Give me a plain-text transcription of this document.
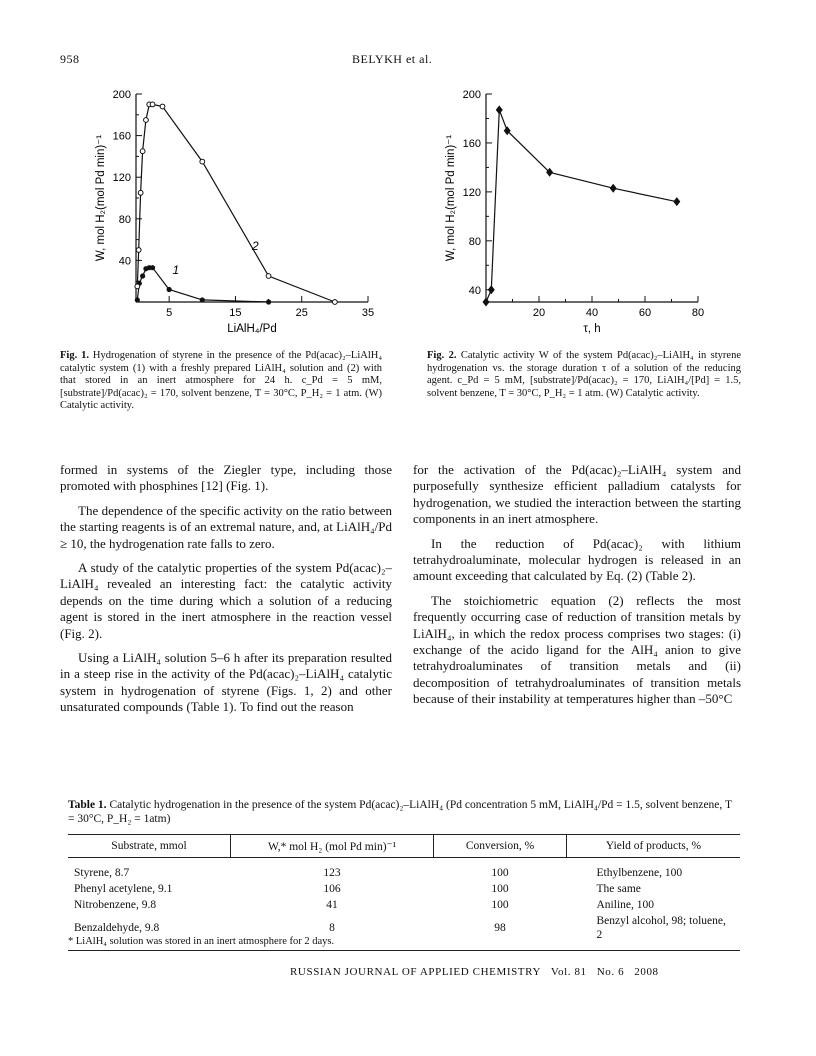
958	BELYKH et al.
40
80
120
160
200
5	15	25	35
LiAlH₄/Pd
W, mol H₂(mol Pd min)⁻¹
1
2
Fig. 1. Hydrogenation of styrene in the presence of the Pd(acac)₂–LiAlH₄ catalytic system (1) with a freshly prepared LiAlH₄ solution and (2) with that stored in an inert atmosphere for 24 h. c_Pd = 5 mM, [substrate]/Pd(acac)₂ = 170, solvent benzene, T = 30°C, P_H₂ = 1 atm. (W) Catalytic activity.
40
80
120
160
200
20	40	60	80
τ, h
W, mol H₂(mol Pd min)⁻¹
Fig. 2. Catalytic activity W of the system Pd(acac)₂–LiAlH₄ in styrene hydrogenation vs. the storage duration τ of a solution of the reducing agent. c_Pd = 5 mM, [substrate]/Pd(acac)₂ = 170, LiAlH₄/[Pd] = 1.5, solvent benzene, T = 30°C, P_H₂ = 1 atm. (W) Catalytic activity.

formed in systems of the Ziegler type, including those promoted with phosphines [12] (Fig. 1).

The dependence of the specific activity on the ratio between the starting reagents is of an extremal nature, and, at LiAlH₄/Pd ≥ 10, the hydrogenation rate falls to zero.

A study of the catalytic properties of the system Pd(acac)₂–LiAlH₄ revealed an interesting fact: the catalytic activity depends on the time during which a solution of a reducing agent is stored in the inert atmosphere in the reaction vessel (Fig. 2).

Using a LiAlH₄ solution 5–6 h after its preparation resulted in a steep rise in the activity of the Pd(acac)₂–LiAlH₄ catalytic system in hydrogenation of styrene (Figs. 1, 2) and other unsaturated compounds (Table 1). To find out the reason

for the activation of the Pd(acac)₂–LiAlH₄ system and purposefully synthesize efficient palladium catalysts for hydrogenation, we studied the interaction between the starting components in an inert atmosphere.

In the reduction of Pd(acac)₂ with lithium tetrahydroaluminate, molecular hydrogen is released in an amount exceeding that calculated by Eq. (2) (Table 2).

The stoichiometric equation (2) reflects the most frequently occurring case of reduction of transition metals by LiAlH₄, in which the redox process comprises two stages: (i) exchange of the acido ligand for the AlH₄ anion to give tetrahydroaluminates of transition metals and (ii) decomposition of tetrahydroaluminates of transition metals because of their instability at temperatures higher than –50°C

Table 1. Catalytic hydrogenation in the presence of the system Pd(acac)₂–LiAlH₄ (Pd concentration 5 mM, LiAlH₄/Pd = 1.5, solvent benzene, T = 30°C, P_H₂ = 1atm)
Substrate, mmol	W,* mol H₂ (mol Pd min)⁻¹	Conversion, %	Yield of products, %
Styrene, 8.7	123	100	Ethylbenzene, 100
Phenyl acetylene, 9.1	106	100	The same
Nitrobenzene, 9.8	41	100	Aniline, 100
Benzaldehyde, 9.8	8	98	Benzyl alcohol, 98; toluene, 2
* LiAlH₄ solution was stored in an inert atmosphere for 2 days.
RUSSIAN JOURNAL OF APPLIED CHEMISTRY Vol. 81 No. 6 2008
